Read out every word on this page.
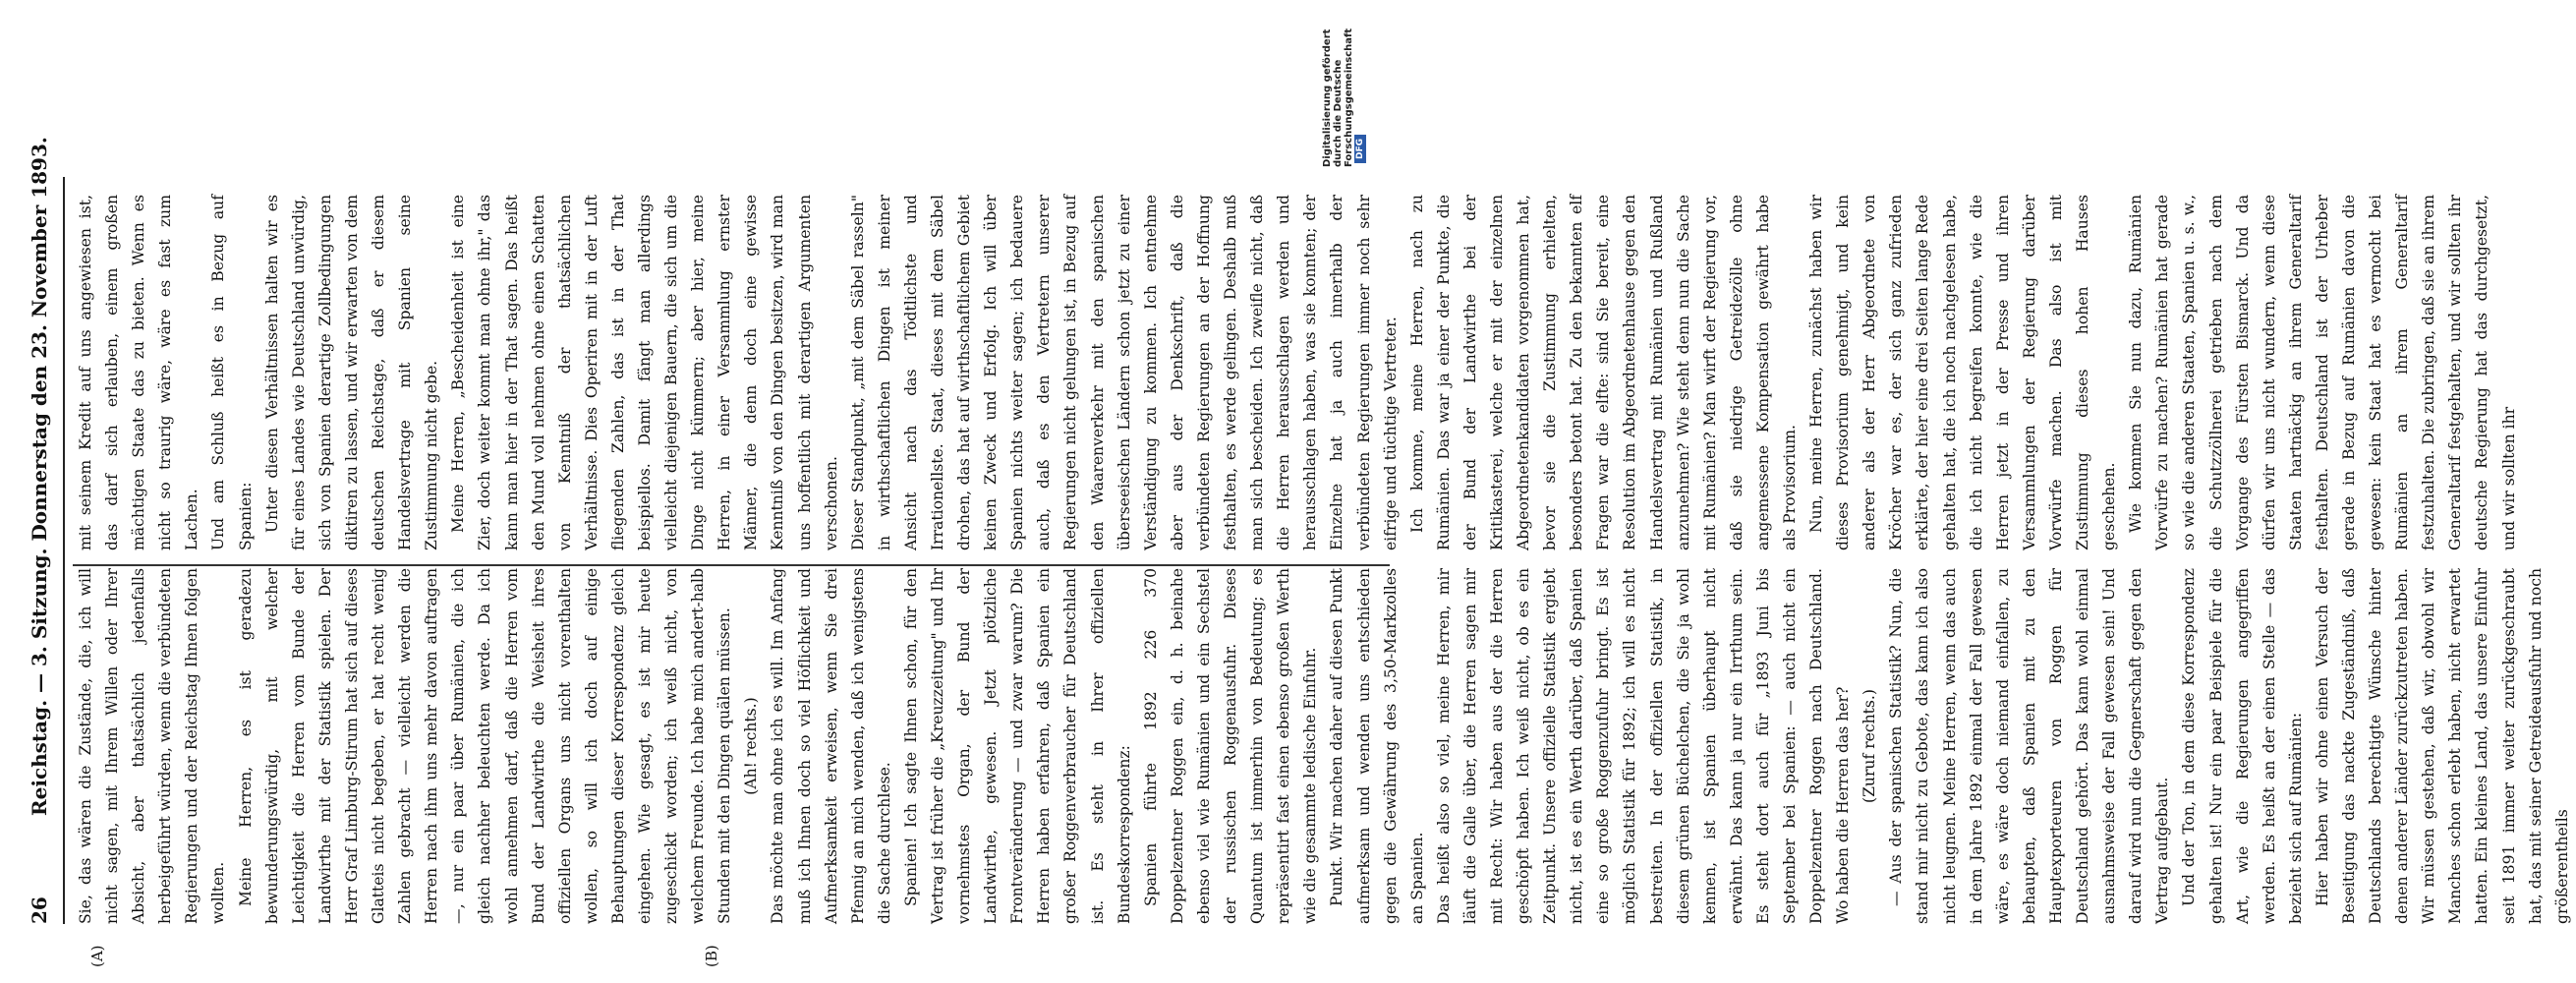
26
Reichstag. — 3. Sitzung. Donnerstag den 23. November 1893.
(A)	(B)

Sie, das wären die Zustände, die, ich will nicht sagen, mit Ihrem Willen oder Ihrer Absicht, aber thatsächlich jedenfalls herbeigeführt würden, wenn die verbündeten Regierungen und der Reichstag Ihnen folgen wollten. Meine Herren, es ist geradezu bewunderungswürdig, mit welcher Leichtigkeit die Herren vom Bunde der Landwirthe mit der Statistik spielen. Der Herr Graf Limburg-Stirum hat sich auf dieses Glatteis nicht begeben, er hat recht wenig Zahlen gebracht — vielleicht werden die Herren nach ihm uns mehr davon auftragen —, nur ein paar über Rumänien, die ich gleich nachher beleuchten werde. Da ich wohl annehmen darf, daß die Herren vom Bund der Landwirthe die Weisheit ihres offiziellen Organs uns nicht vorenthalten wollen, so will ich doch auf einige Behauptungen dieser Korrespondenz gleich eingehen. Wie gesagt, es ist mir heute zugeschickt worden; ich weiß nicht, von welchem Freunde. Ich habe mich andert-halb Stunden mit den Dingen quälen müssen. (Ah! rechts.) Das möchte man ohne ich es will. Im Anfang muß ich Ihnen doch so viel Höflichkeit und Aufmerksamkeit erweisen, wenn Sie drei Pfennig an mich wenden, daß ich wenigstens die Sache durchlese. Spanien! Ich sagte Ihnen schon, für den Vertrag ist früher die „Kreuzzeitung" und Ihr vornehmstes Organ, der Bund der Landwirthe, gewesen. Jetzt plötzliche Frontveränderung — und zwar warum? Die Herren haben erfahren, daß Spanien ein großer Roggenverbraucher für Deutschland ist. Es steht in Ihrer offiziellen Bundeskorrespondenz: Spanien führte 1892 226 370 Doppelzentner Roggen ein, d. h. beinahe ebenso viel wie Rumänien und ein Sechstel der russischen Roggenausfuhr. Dieses Quantum ist immerhin von Bedeutung; es repräsentirt fast einen ebenso großen Werth wie die gesammte ledische Einfuhr. Punkt. Wir machen daher auf diesen Punkt aufmerksam und wenden uns entschieden gegen die Gewährung des 3,50-Markzolles an Spanien. Das heißt also so viel, meine Herren, mir läuft die Galle über, die Herren sagen mir mit Recht: Wir haben aus der die Herren geschöpft haben. Ich weiß nicht, ob es ein Zeitpunkt. Unsere offizielle Statistik ergiebt nicht, ist es ein Werth darüber, daß Spanien eine so große Roggenzufuhr bringt. Es ist möglich Statistik für 1892; ich will es nicht bestreiten. In der offiziellen Statistik, in diesem grünen Büchelchen, die Sie ja wohl kennen, ist Spanien überhaupt nicht erwähnt. Das kann ja nur ein Irrthum sein. Es steht dort auch für „1893 Juni bis September bei Spanien: — auch nicht ein Doppelzentner Roggen nach Deutschland. Wo haben die Herren das her? (Zuruf rechts.) — Aus der spanischen Statistik? Nun, die stand mir nicht zu Gebote, das kann ich also nicht leugnen. Meine Herren, wenn das auch in dem Jahre 1892 einmal der Fall gewesen wäre, es wäre doch niemand einfallen, zu behaupten, daß Spanien mit zu den Hauptexporteuren von Roggen für Deutschland gehört. Das kann wohl einmal ausnahmsweise der Fall gewesen sein! Und darauf wird nun die Gegnerschaft gegen den Vertrag aufgebaut. Und der Ton, in dem diese Korrespondenz gehalten ist! Nur ein paar Beispiele für die Art, wie die Regierungen angegriffen werden. Es heißt an der einen Stelle — das bezieht sich auf Rumänien: Hier haben wir ohne einen Versuch der Beseitigung das nackte Zugeständniß, daß Deutschlands berechtigte Wünsche hinter denen anderer Länder zurückzutreten haben. Wir müssen gestehen, daß wir, obwohl wir Manches schon erlebt haben, nicht erwartet hatten. Ein kleines Land, das unsere Einfuhr seit 1891 immer weiter zurückgeschraubt hat, das mit seiner Getreideausfuhr und noch größerentheils

mit seinem Kredit auf uns angewiesen ist, das darf sich erlauben, einem großen mächtigen Staate das zu bieten. Wenn es nicht so traurig wäre, wäre es fast zum Lachen. Und am Schluß heißt es in Bezug auf Spanien: Unter diesen Verhältnissen halten wir es für eines Landes wie Deutschland unwürdig, sich von Spanien derartige Zollbedingungen diktiren zu lassen, und wir erwarten von dem deutschen Reichstage, daß er diesem Handelsvertrage mit Spanien seine Zustimmung nicht gebe. Meine Herren, „Bescheidenheit ist eine Zier, doch weiter kommt man ohne ihr," das kann man hier in der That sagen. Das heißt den Mund voll nehmen ohne einen Schatten von Kenntniß der thatsächlichen Verhältnisse. Dies Operiren mit in der Luft fliegenden Zahlen, das ist in der That beispiellos. Damit fängt man allerdings vielleicht diejenigen Bauern, die sich um die Dinge nicht kümmern; aber hier, meine Herren, in einer Versammlung ernster Männer, die denn doch eine gewisse Kenntniß von den Dingen besitzen, wird man uns hoffentlich mit derartigen Argumenten verschonen. Dieser Standpunkt, „mit dem Säbel rasseln" in wirthschaftlichen Dingen ist meiner Ansicht nach das Tödtlichste und Irrationellste. Staat, dieses mit dem Säbel drohen, das hat auf wirthschaftlichem Gebiet keinen Zweck und Erfolg. Ich will über Spanien nichts weiter sagen; ich bedauere auch, daß es den Vertretern unserer Regierungen nicht gelungen ist, in Bezug auf den Waarenverkehr mit den spanischen überseeischen Ländern schon jetzt zu einer Verständigung zu kommen. Ich entnehme aber aus der Denkschrift, daß die verbündeten Regierungen an der Hoffnung festhalten, es werde gelingen. Deshalb muß man sich bescheiden. Ich zweifle nicht, daß die Herren herausschlagen werden und herausschlagen haben, was sie konnten; der Einzelne hat ja auch innerhalb der verbündeten Regierungen immer noch sehr eifrige und tüchtige Vertreter. Ich komme, meine Herren, nach zu Rumänien. Das war ja einer der Punkte, die der Bund der Landwirthe bei der Kritikasterei, welche er mit der einzelnen Abgeordnetenkandidaten vorgenommen hat, bevor sie die Zustimmung erhielten, besonders betont hat. Zu den bekannten elf Fragen war die elfte: sind Sie bereit, eine Resolution im Abgeordnetenhause gegen den Handelsvertrag mit Rumänien und Rußland anzunehmen? Wie steht denn nun die Sache mit Rumänien? Man wirft der Regierung vor, daß sie niedrige Getreidezölle ohne angemessene Kompensation gewährt habe als Provisorium. Nun, meine Herren, zunächst haben wir dieses Provisorium genehmigt, und kein anderer als der Herr Abgeordnete von Kröcher war es, der sich ganz zufrieden erklärte, der hier eine drei Seiten lange Rede gehalten hat, die ich noch nachgelesen habe, die ich nicht begreifen konnte, wie die Herren jetzt in der Presse und ihren Versammlungen der Regierung darüber Vorwürfe machen. Das also ist mit Zustimmung dieses hohen Hauses geschehen. Wie kommen Sie nun dazu, Rumänien Vorwürfe zu machen? Rumänien hat gerade so wie die anderen Staaten, Spanien u. s. w., die Schutzzöllnerei getrieben nach dem Vorgange des Fürsten Bismarck. Und da dürfen wir uns nicht wundern, wenn diese Staaten hartnäckig an ihrem Generaltarif festhalten. Deutschland ist der Urheber gerade in Bezug auf Rumänien davon die gewesen: kein Staat hat es vermocht bei Rumänien an ihrem Generaltarif festzuhalten. Die zubringen, daß sie an ihrem Generaltarif festgehalten, und wir sollten ihr deutsche Regierung hat das durchgesetzt, und wir sollten ihr

Digitalisierung gefördert durch die Deutsche Forschungsgemeinschaft DFG
